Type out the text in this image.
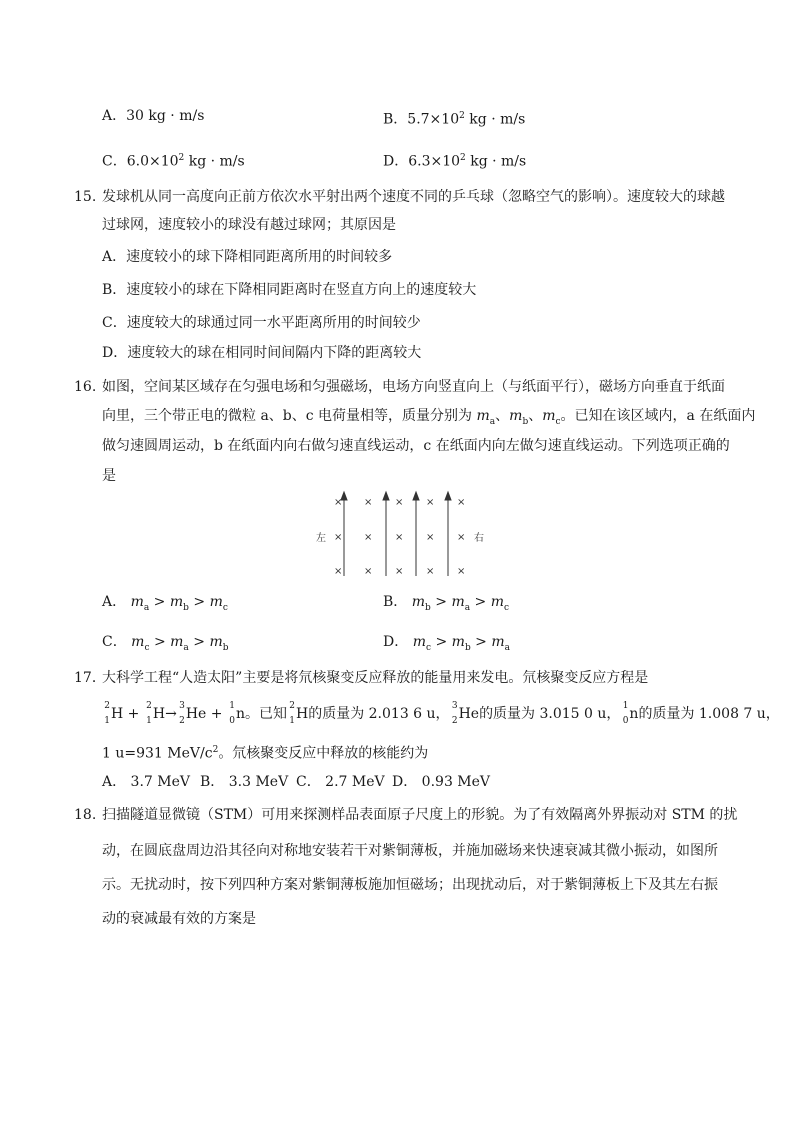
A．30 kg · m/s	B．$5.7\times 10^2$ kg · m/s
C．$6.0\times 10^2$ kg · m/s	D．$6.3\times 10^2$ kg · m/s
15. 发球机从同一高度向正前方依次水平射出两个速度不同的乒乓球（忽略空气的影响）。速度较大的球越
过球网，速度较小的球没有越过球网；其原因是
A．速度较小的球下降相同距离所用的时间较多
B．速度较小的球在下降相同距离时在竖直方向上的速度较大
C．速度较大的球通过同一水平距离所用的时间较少
D．速度较大的球在相同时间间隔内下降的距离较大
16. 如图，空间某区域存在匀强电场和匀强磁场，电场方向竖直向上（与纸面平行），磁场方向垂直于纸面
向里，三个带正电的微粒 a、b、c 电荷量相等，质量分别为 $m_a$、$m_b$、$m_c$。已知在该区域内，a 在纸面内
做匀速圆周运动，b 在纸面内向右做匀速直线运动，c 在纸面内向左做匀速直线运动。下列选项正确的
是
左	右
× × × × ×
× × × × ×
× × × × ×
A． $m_a > m_b > m_c$	B． $m_b > m_a > m_c$
C． $m_c > m_a > m_b$	D． $m_c > m_b > m_a$
17．
大科学工程“人造太阳”主要是将氘核聚变反应释放的能量用来发电。氘核聚变反应方程是
2
1 H + 2
1 H→ 3
2 He + 1
0 n。已知 2
1 H的质量为 2.013 6 u， 3
2 He的质量为 3.015 0 u， 1
0 n的质量为 1.008 7 u，
1 u=931 MeV/$c^2$。氘核聚变反应中释放的核能约为
A． 3.7 MeV B． 3.3 MeV C． 2.7 MeV D． 0.93 MeV
18. 扫描隧道显微镜（STM）可用来探测样品表面原子尺度上的形貌。为了有效隔离外界振动对 STM 的扰
动，在圆底盘周边沿其径向对称地安装若干对紫铜薄板，并施加磁场来快速衰减其微小振动，如图所
示。无扰动时，按下列四种方案对紫铜薄板施加恒磁场；出现扰动后，对于紫铜薄板上下及其左右振
动的衰减最有效的方案是
